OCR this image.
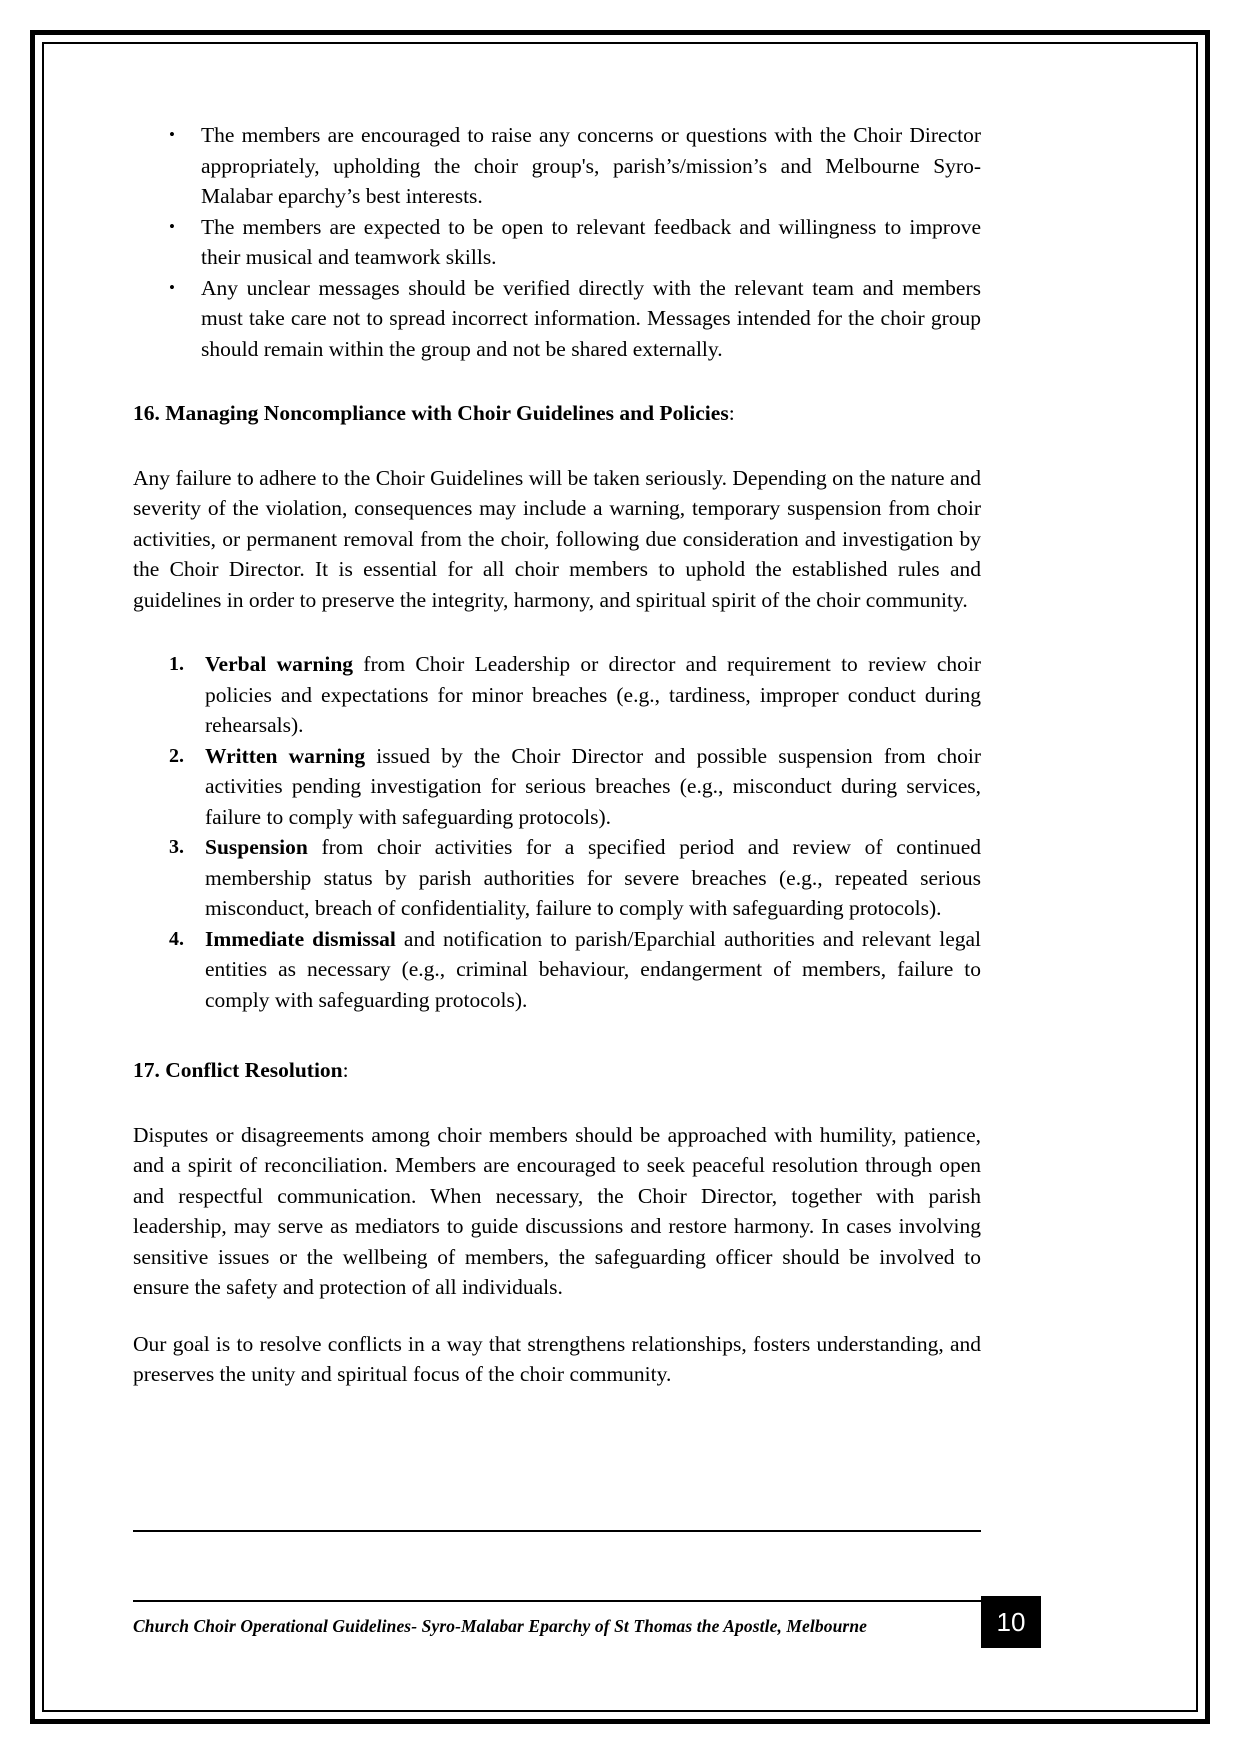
• The members are encouraged to raise any concerns or questions with the Choir Director appropriately, upholding the choir group's, parish’s/mission’s and Melbourne Syro-Malabar eparchy’s best interests.
• The members are expected to be open to relevant feedback and willingness to improve their musical and teamwork skills.
• Any unclear messages should be verified directly with the relevant team and members must take care not to spread incorrect information. Messages intended for the choir group should remain within the group and not be shared externally.

16. Managing Noncompliance with Choir Guidelines and Policies:

Any failure to adhere to the Choir Guidelines will be taken seriously. Depending on the nature and severity of the violation, consequences may include a warning, temporary suspension from choir activities, or permanent removal from the choir, following due consideration and investigation by the Choir Director. It is essential for all choir members to uphold the established rules and guidelines in order to preserve the integrity, harmony, and spiritual spirit of the choir community.

1. Verbal warning from Choir Leadership or director and requirement to review choir policies and expectations for minor breaches (e.g., tardiness, improper conduct during rehearsals).
2. Written warning issued by the Choir Director and possible suspension from choir activities pending investigation for serious breaches (e.g., misconduct during services, failure to comply with safeguarding protocols).
3. Suspension from choir activities for a specified period and review of continued membership status by parish authorities for severe breaches (e.g., repeated serious misconduct, breach of confidentiality, failure to comply with safeguarding protocols).
4. Immediate dismissal and notification to parish/Eparchial authorities and relevant legal entities as necessary (e.g., criminal behaviour, endangerment of members, failure to comply with safeguarding protocols).

17. Conflict Resolution:

Disputes or disagreements among choir members should be approached with humility, patience, and a spirit of reconciliation. Members are encouraged to seek peaceful resolution through open and respectful communication. When necessary, the Choir Director, together with parish leadership, may serve as mediators to guide discussions and restore harmony. In cases involving sensitive issues or the wellbeing of members, the safeguarding officer should be involved to ensure the safety and protection of all individuals.

Our goal is to resolve conflicts in a way that strengthens relationships, fosters understanding, and preserves the unity and spiritual focus of the choir community.

Church Choir Operational Guidelines- Syro-Malabar Eparchy of St Thomas the Apostle, Melbourne	10
